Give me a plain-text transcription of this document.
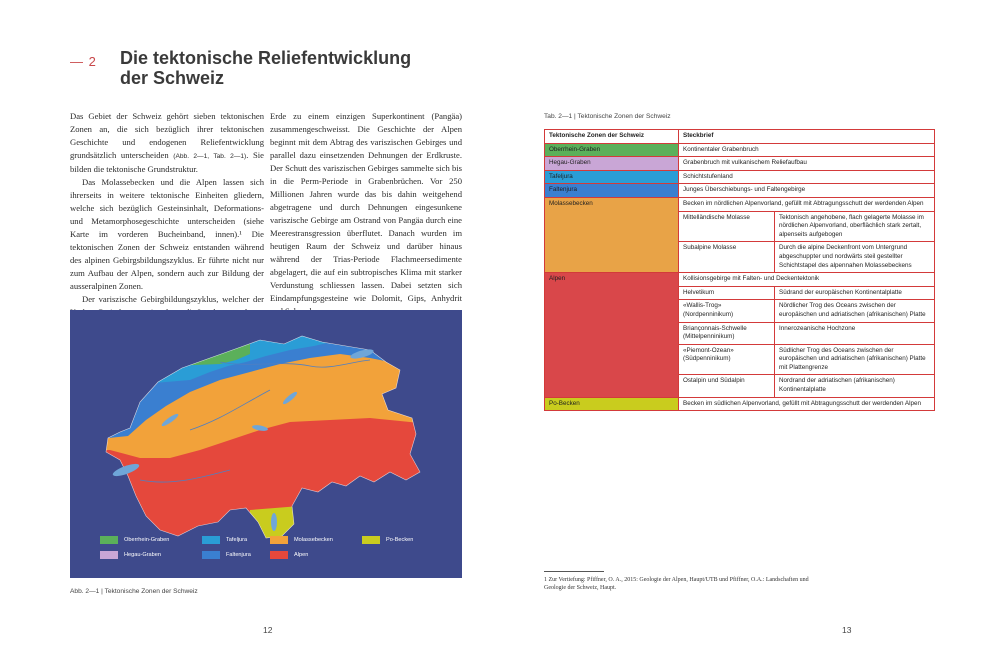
— 2 Die tektonische Reliefentwicklung der Schweiz

Das Gebiet der Schweiz gehört sieben tektonischen Zonen an, die sich bezüglich ihrer tektonischen Geschichte und endogenen Reliefentwicklung grundsätzlich unterscheiden (Abb. 2—1, Tab. 2—1). Sie bilden die tektonische Grundstruktur.

Das Molassebecken und die Alpen lassen sich ihrerseits in weitere tektonische Einheiten gliedern, welche sich bezüglich Gesteinsinhalt, Deformations- und Metamorphosegeschichte unterscheiden (siehe Karte im vorderen Bucheinband, innen).¹ Die tektonischen Zonen der Schweiz entstanden während des alpinen Gebirgsbildungszyklus. Er führte nicht nur zum Aufbau der Alpen, sondern auch zur Bildung der ausseralpinen Zonen.

Der variszische Gebirgbildungszyklus, welcher der

Erde zu einem einzigen Superkontinent (Pangäa) zusammengeschweisst. Die Geschichte der Alpen beginnt mit dem Abtrag des variszischen Gebirges und parallel dazu einsetzenden Dehnungen der Erdkruste. Der Schutt des variszischen Gebirges sammelte sich bis in die Perm-Periode in Grabenbrüchen. Vor 250 Millionen Jahren wurde das bis dahin weitgehend abgetragene und durch Dehnungen eingesunkene variszische Gebirge am Ostrand von Pangäa durch eine Meerestransgression überflutet. Danach wurden im heutigen Raum der Schweiz und darüber hinaus während der Trias-Periode Flachmeersedimente abgelagert, die auf ein subtropisches Klima mit starker Verdunstung schliessen lassen. Dabei setzten sich Eindampfungsgesteine wie Dolomit, Gips, Anhydrit

Oberrhein-Graben	Tafeljura	Molassebecken	Po-Becken
Hegau-Graben	Faltenjura	Alpen
Abb. 2—1 | Tektonische Zonen der Schweiz
Tab. 2—1 | Tektonische Zonen der Schweiz
Tektonische Zonen der Schweiz	Steckbrief	
Oberrhein-Graben	Kontinentaler Grabenbruch	
Hegau-Graben	Grabenbruch mit vulkanischem Reliefaufbau	
Tafeljura	Schichtstufenland	
Faltenjura	Junges Überschiebungs- und Faltengebirge	
Molassebecken	Becken im nördlichen Alpenvorland, gefüllt mit Abtragungsschutt der werdenden Alpen	
	Mittelländische Molasse	Tektonisch angehobene, flach gelagerte Molasse im nördlichen Alpenvorland, oberflächlich stark zertalt, alpenseits aufgebogen
	Subalpine Molasse	Durch die alpine Deckenfront vom Untergrund abgeschuppter und nordwärts steil gestellter Schichtstapel des alpennahen Molassebeckens
Alpen	Kollisionsgebirge mit Falten- und Deckentektonik	
	Helvetikum	Südrand der europäischen Kontinentalplatte
	«Wallis-Trog» (Nordpenninikum)	Nördlicher Trog des Oceans zwischen der europäischen und adriatischen (afrikanischen) Platte
	Briançonnais-Schwelle (Mittelpenninikum)	Innerozeanische Hochzone
	«Piemont-Ozean» (Südpenninikum)	Südlicher Trog des Oceans zwischen der europäischen und adriatischen (afrikanischen) Platte mit Plattengrenze
	Ostalpin und Südalpin	Nordrand der adriatischen (afrikanischen) Kontinentalplatte
Po-Becken	Becken im südlichen Alpenvorland, gefüllt mit Abtragungsschutt der werdenden Alpen	
1 Zur Vertiefung: Pfiffner, O. A., 2015: Geologie der Alpen, Haupt/UTB und Pfiffner, O.A.: Landschaften und Geologie der Schweiz, Haupt.
12	13
